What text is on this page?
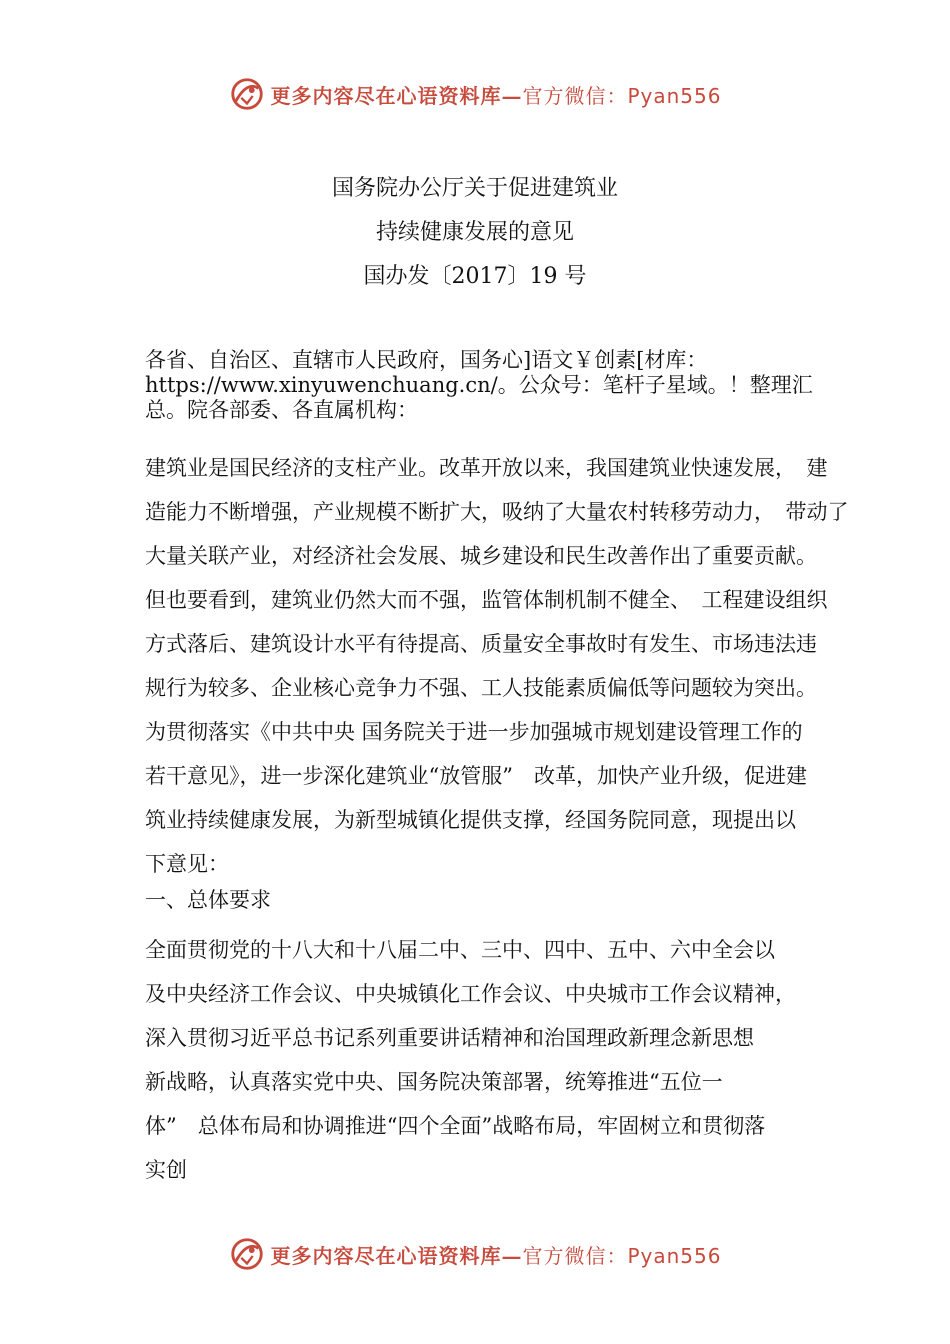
更多内容尽在心语资料库—官方微信：Pyan556
国务院办公厅关于促进建筑业
持续健康发展的意见
国办发〔2017〕19 号
各省、自治区、直辖市人民政府，国务心]语文￥创素[材库：
https://www.xinyuwenchuang.cn/。公众号：笔杆子星域。！整理汇
总。院各部委、各直属机构：
建筑业是国民经济的支柱产业。改革开放以来，我国建筑业快速发展，　建
造能力不断增强，产业规模不断扩大，吸纳了大量农村转移劳动力，　带动了
大量关联产业，对经济社会发展、城乡建设和民生改善作出了重要贡献。
但也要看到，建筑业仍然大而不强，监管体制机制不健全、　工程建设组织
方式落后、建筑设计水平有待提高、质量安全事故时有发生、市场违法违
规行为较多、企业核心竞争力不强、工人技能素质偏低等问题较为突出。
为贯彻落实《中共中央 国务院关于进一步加强城市规划建设管理工作的
若干意见》，进一步深化建筑业“放管服”　改革，加快产业升级，促进建
筑业持续健康发展，为新型城镇化提供支撑，经国务院同意，现提出以
下意见：
一、总体要求
全面贯彻党的十八大和十八届二中、三中、四中、五中、六中全会以
及中央经济工作会议、中央城镇化工作会议、中央城市工作会议精神，
深入贯彻习近平总书记系列重要讲话精神和治国理政新理念新思想
新战略，认真落实党中央、国务院决策部署，统筹推进“五位一
体”　总体布局和协调推进“四个全面”战略布局，牢固树立和贯彻落
实创
更多内容尽在心语资料库—官方微信：Pyan556
